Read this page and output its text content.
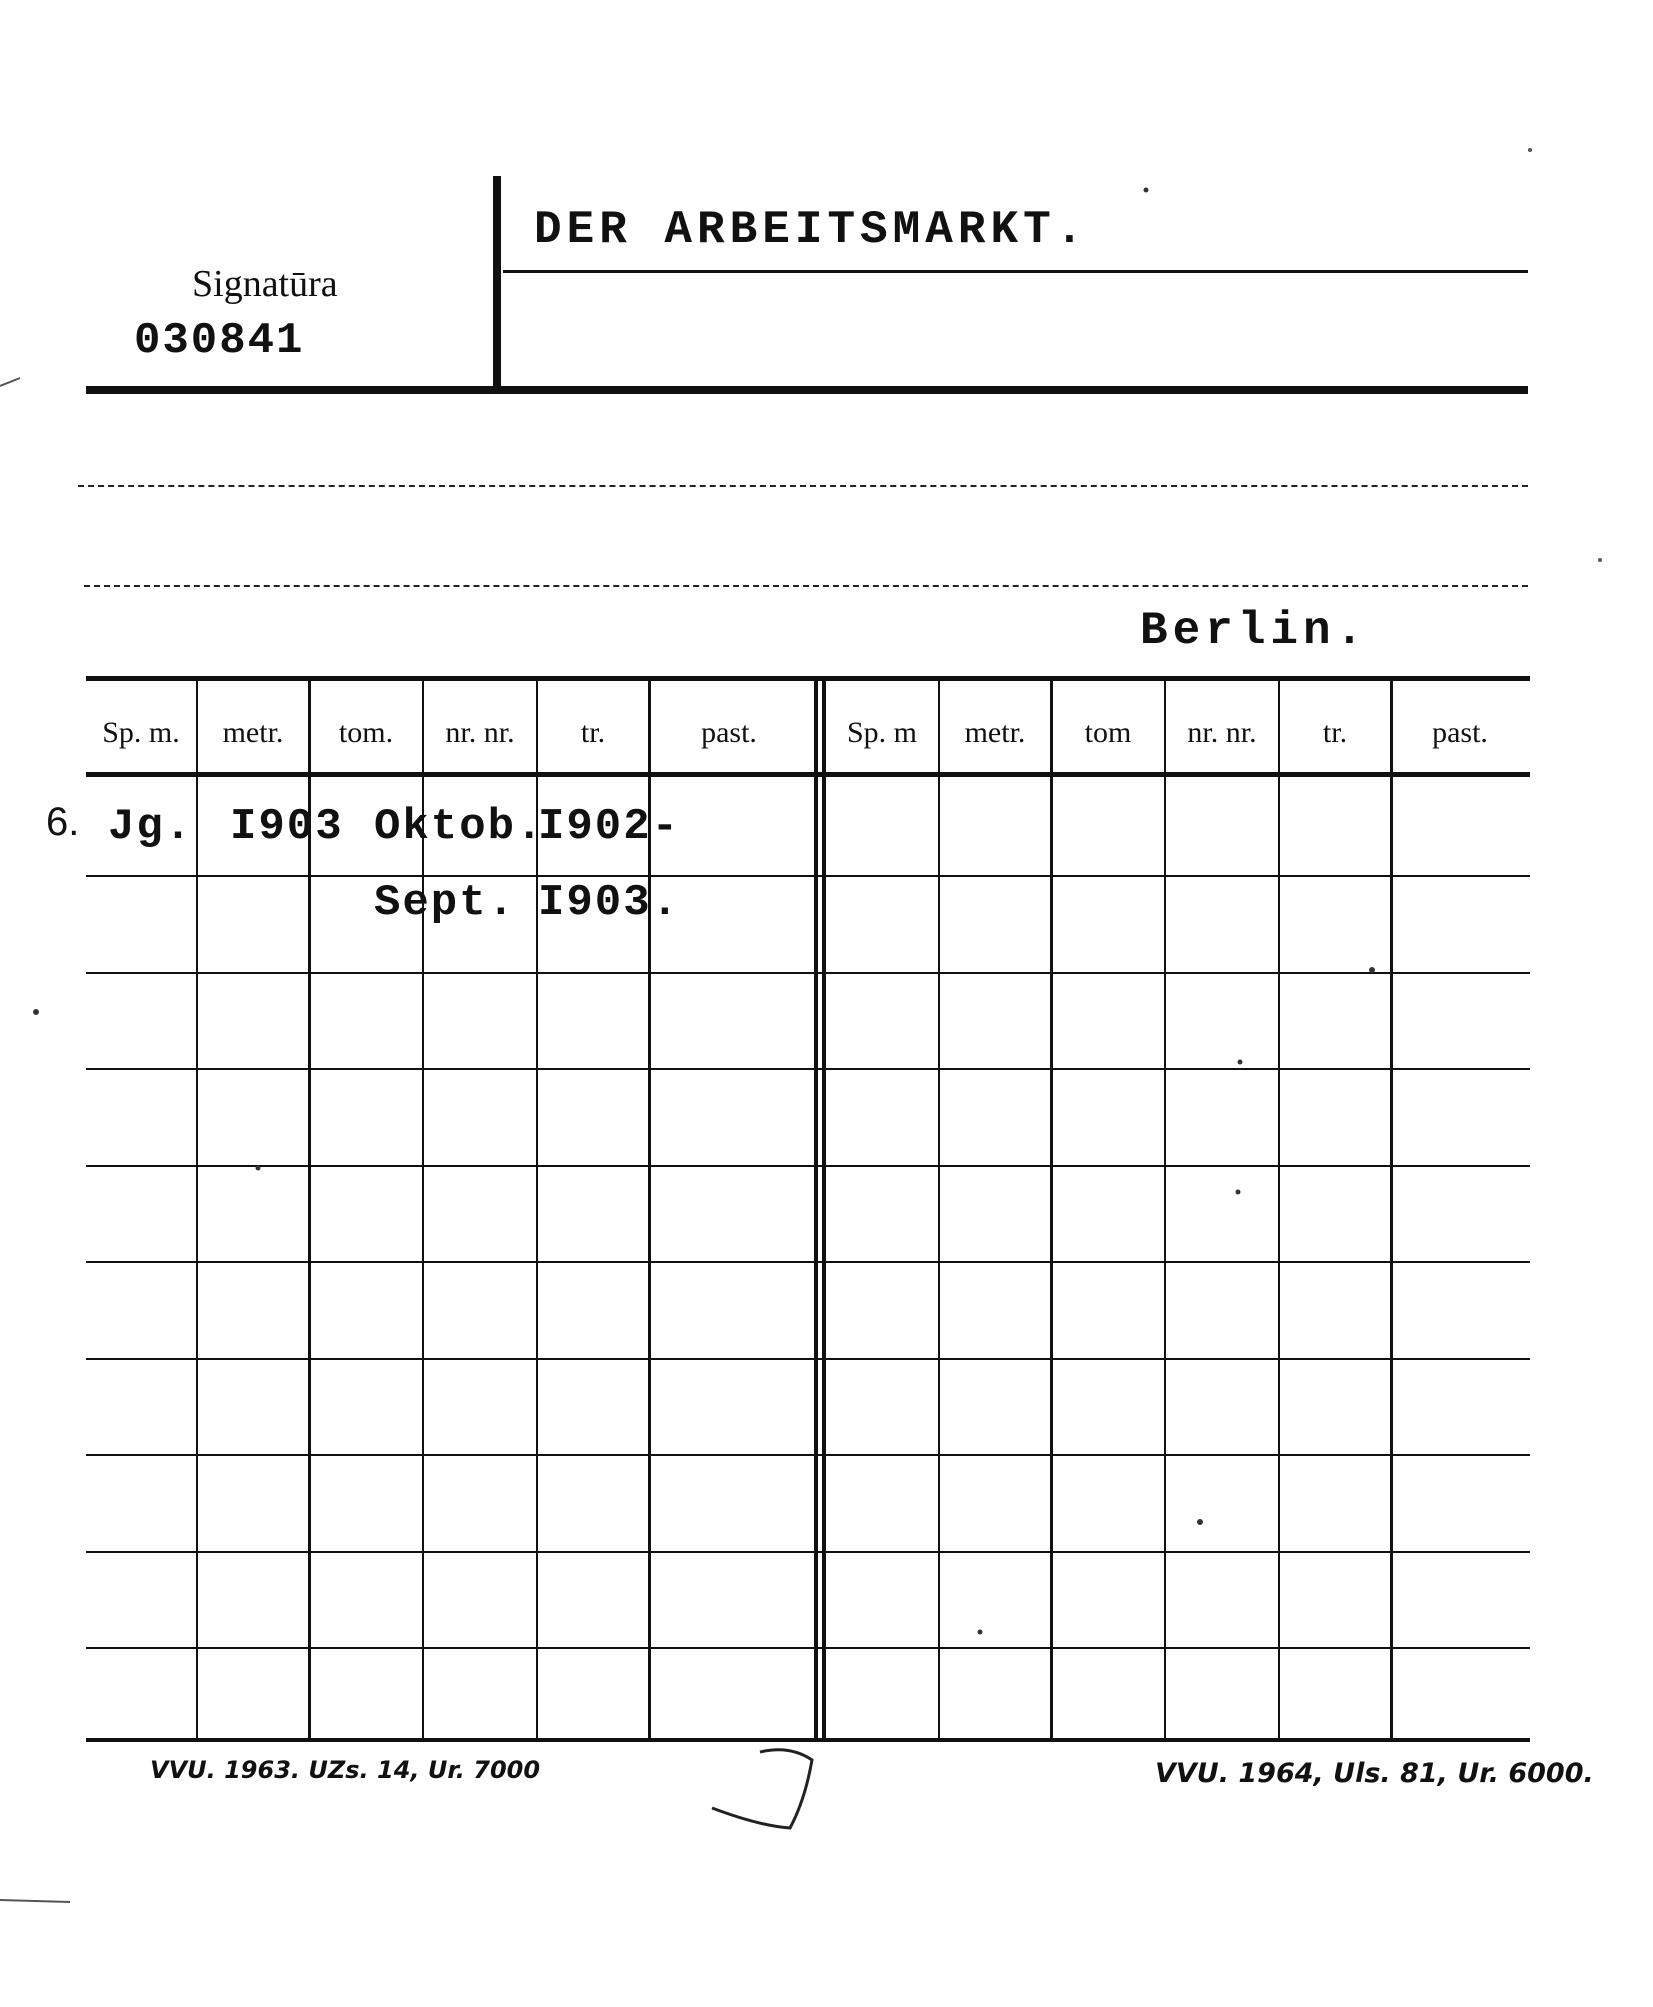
Signatūra
030841
DER ARBEITSMARKT.
Berlin.
Sp. m.	metr.	tom.	nr. nr.	tr.	past.	Sp. m	metr.	tom	nr. nr.	tr.	past.
6. Jg. I903 Oktob.
I902-
Sept. I903.
VVU. 1963. UZs. 14, Ur. 7000	VVU. 1964, Uls. 81, Ur. 6000.
